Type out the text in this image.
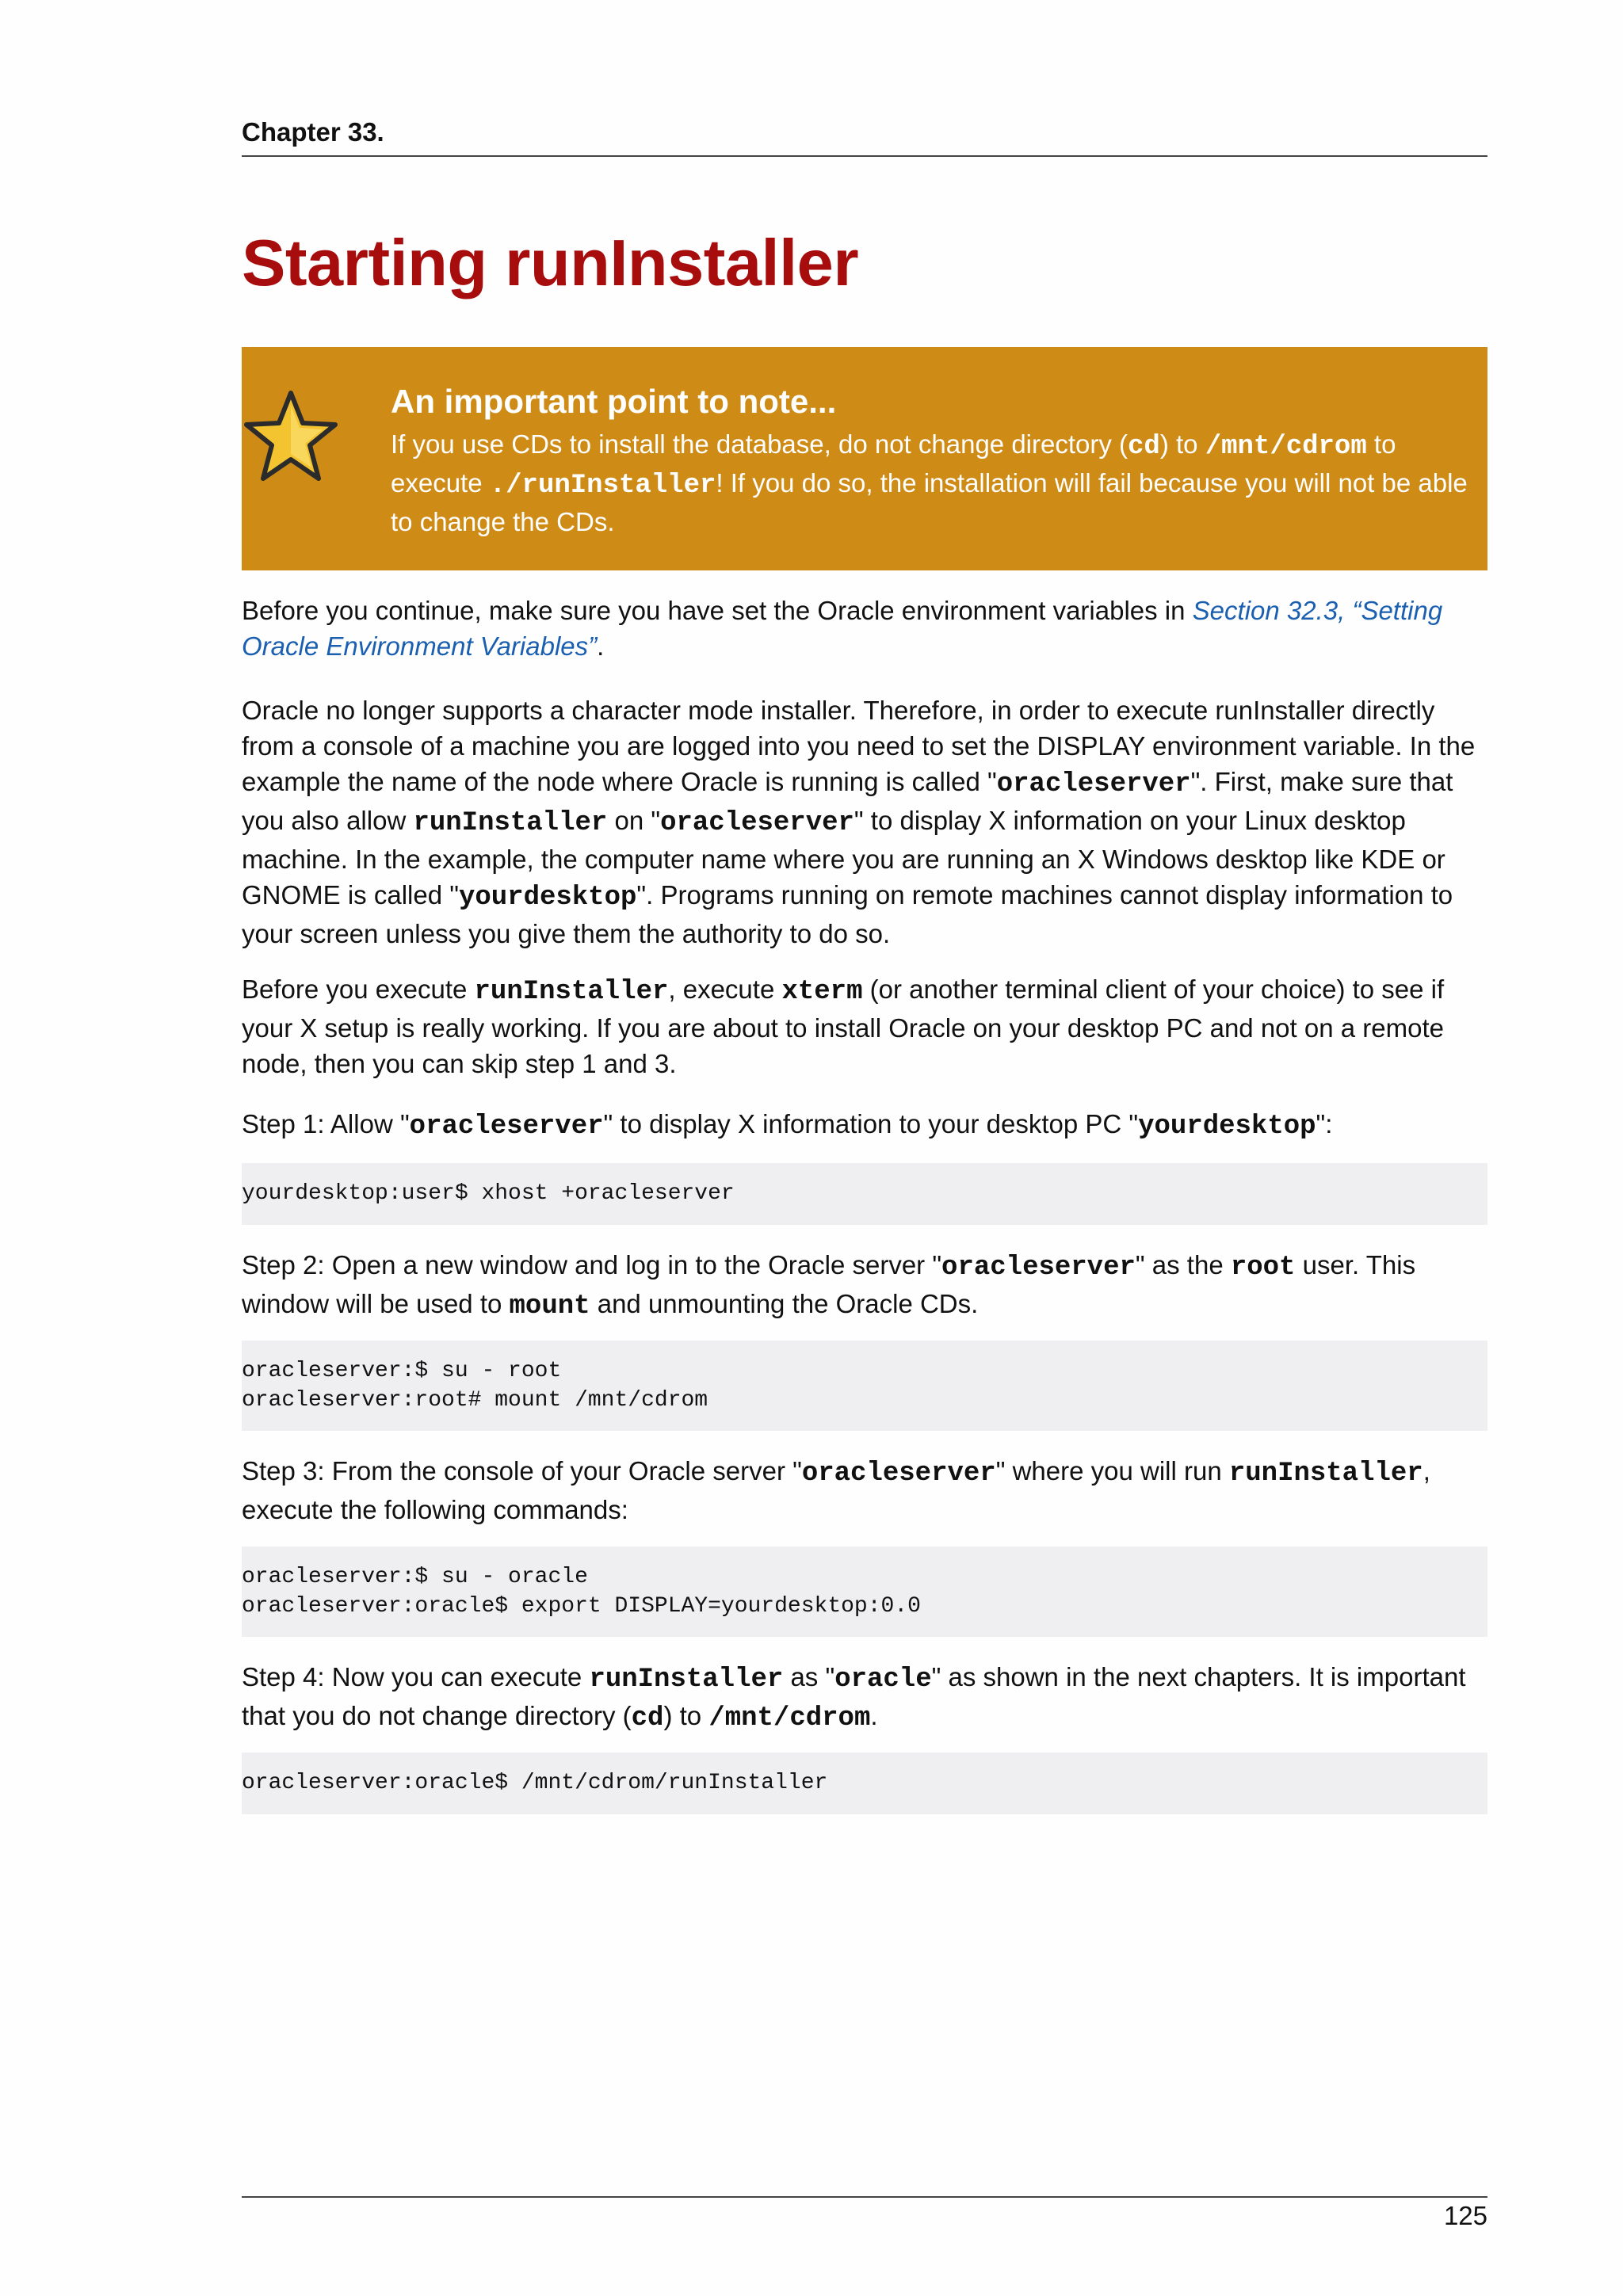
Chapter 33.
Starting runInstaller
An important point to note...
If you use CDs to install the database, do not change directory (cd) to /mnt/cdrom to execute ./runInstaller! If you do so, the installation will fail because you will not be able to change the CDs.

Before you continue, make sure you have set the Oracle environment variables in Section 32.3, “Setting Oracle Environment Variables”.

Oracle no longer supports a character mode installer. Therefore, in order to execute runInstaller directly from a console of a machine you are logged into you need to set the DISPLAY environment variable. In the example the name of the node where Oracle is running is called "oracleserver". First, make sure that you also allow runInstaller on "oracleserver" to display X information on your Linux desktop machine. In the example, the computer name where you are running an X Windows desktop like KDE or GNOME is called "yourdesktop". Programs running on remote machines cannot display information to your screen unless you give them the authority to do so.

Before you execute runInstaller, execute xterm (or another terminal client of your choice) to see if your X setup is really working. If you are about to install Oracle on your desktop PC and not on a remote node, then you can skip step 1 and 3.

Step 1: Allow "oracleserver" to display X information to your desktop PC "yourdesktop":

yourdesktop:user$ xhost +oracleserver

Step 2: Open a new window and log in to the Oracle server "oracleserver" as the root user. This window will be used to mount and unmounting the Oracle CDs.

oracleserver:$ su - root
oracleserver:root# mount /mnt/cdrom

Step 3: From the console of your Oracle server "oracleserver" where you will run runInstaller, execute the following commands:

oracleserver:$ su - oracle
oracleserver:oracle$ export DISPLAY=yourdesktop:0.0

Step 4: Now you can execute runInstaller as "oracle" as shown in the next chapters. It is important that you do not change directory (cd) to /mnt/cdrom.

oracleserver:oracle$ /mnt/cdrom/runInstaller
125
